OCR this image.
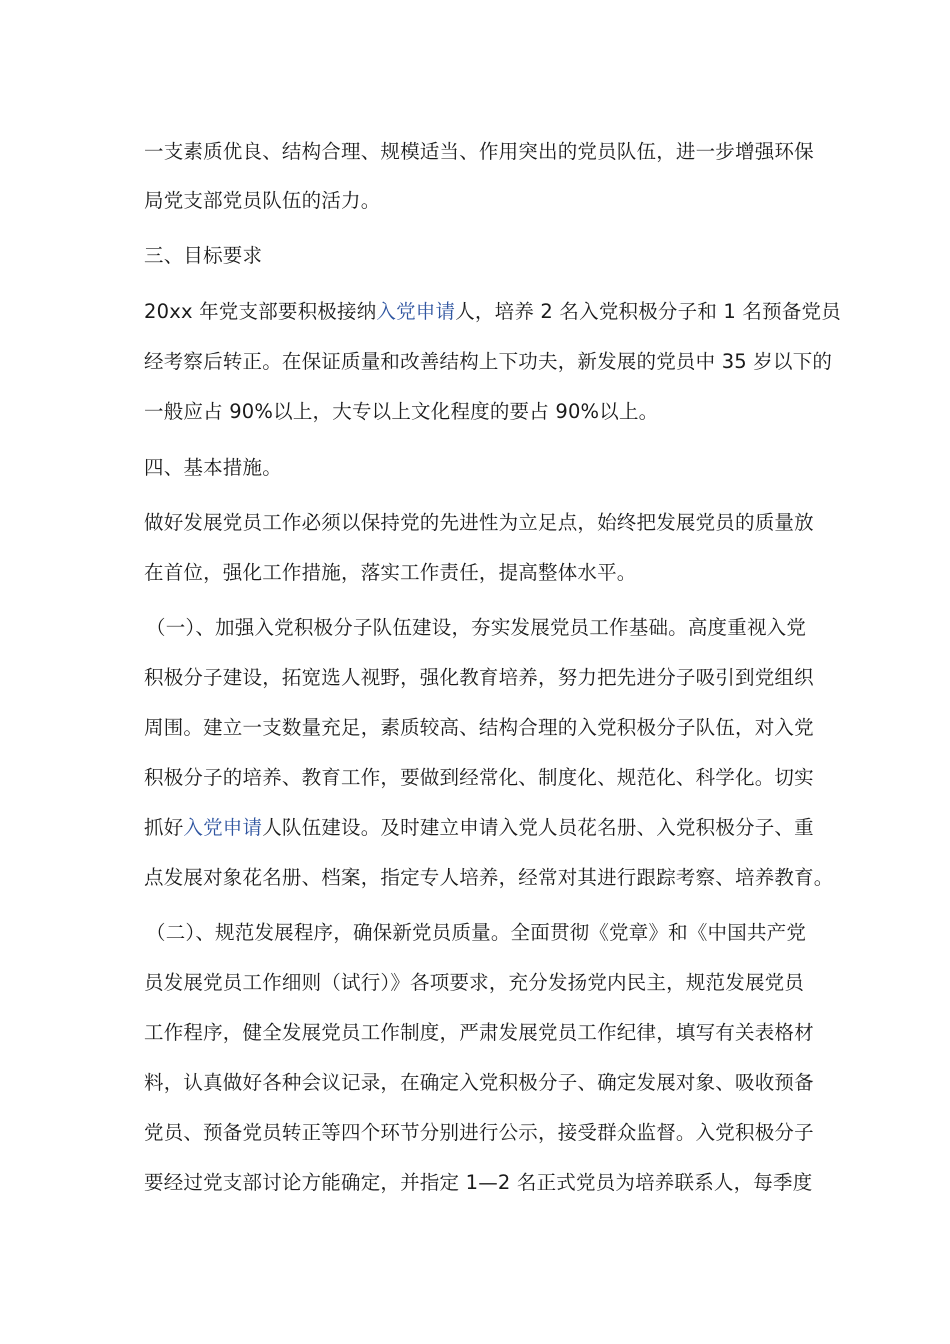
一支素质优良、结构合理、规模适当、作用突出的党员队伍，进一步增强环保
局党支部党员队伍的活力。
三、目标要求
20xx 年党支部要积极接纳入党申请人，培养 2 名入党积极分子和 1 名预备党员
经考察后转正。在保证质量和改善结构上下功夫，新发展的党员中 35 岁以下的
一般应占 90%以上，大专以上文化程度的要占 90%以上。
四、基本措施。
做好发展党员工作必须以保持党的先进性为立足点，始终把发展党员的质量放
在首位，强化工作措施，落实工作责任，提高整体水平。
（一）、加强入党积极分子队伍建设，夯实发展党员工作基础。高度重视入党
积极分子建设，拓宽选人视野，强化教育培养，努力把先进分子吸引到党组织
周围。建立一支数量充足，素质较高、结构合理的入党积极分子队伍，对入党
积极分子的培养、教育工作，要做到经常化、制度化、规范化、科学化。切实
抓好入党申请人队伍建设。及时建立申请入党人员花名册、入党积极分子、重
点发展对象花名册、档案，指定专人培养，经常对其进行跟踪考察、培养教育。
（二）、规范发展程序，确保新党员质量。全面贯彻《党章》和《中国共产党
员发展党员工作细则（试行）》各项要求，充分发扬党内民主，规范发展党员
工作程序，健全发展党员工作制度，严肃发展党员工作纪律，填写有关表格材
料，认真做好各种会议记录，在确定入党积极分子、确定发展对象、吸收预备
党员、预备党员转正等四个环节分别进行公示，接受群众监督。入党积极分子
要经过党支部讨论方能确定，并指定 1—2 名正式党员为培养联系人，每季度
